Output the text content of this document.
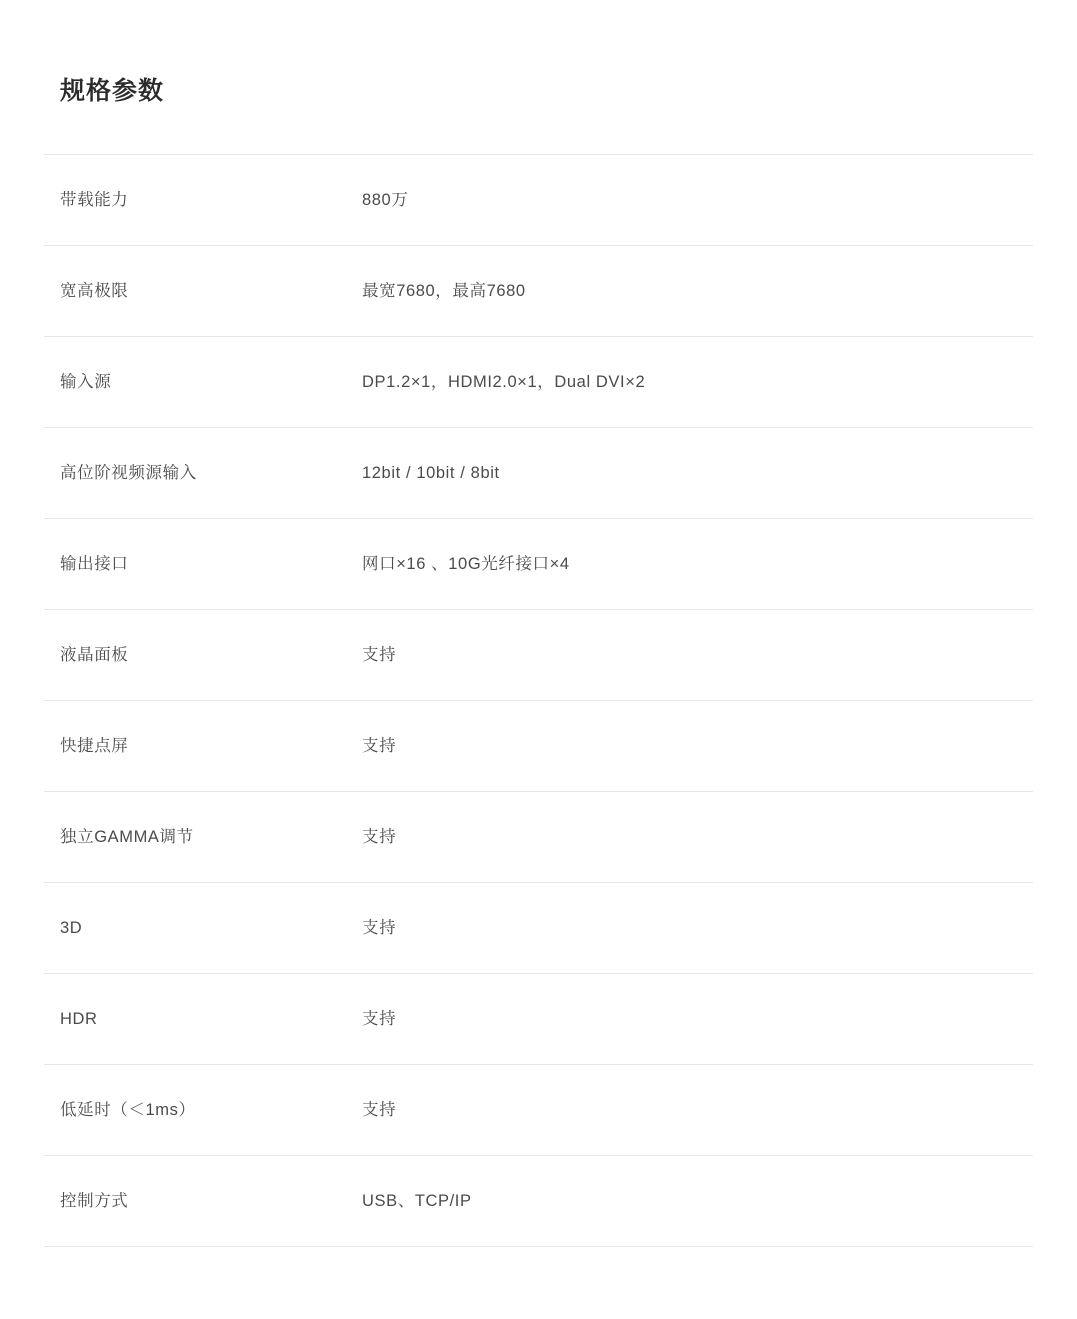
规格参数
带载能力	880万
宽高极限	最宽7680，最高7680
输入源	DP1.2×1，HDMI2.0×1，Dual DVI×2
高位阶视频源输入	12bit / 10bit / 8bit
输出接口	网口×16 、10G光纤接口×4
液晶面板	支持
快捷点屏	支持
独立GAMMA调节	支持
3D	支持
HDR	支持
低延时（＜1ms）	支持
控制方式	USB、TCP/IP
